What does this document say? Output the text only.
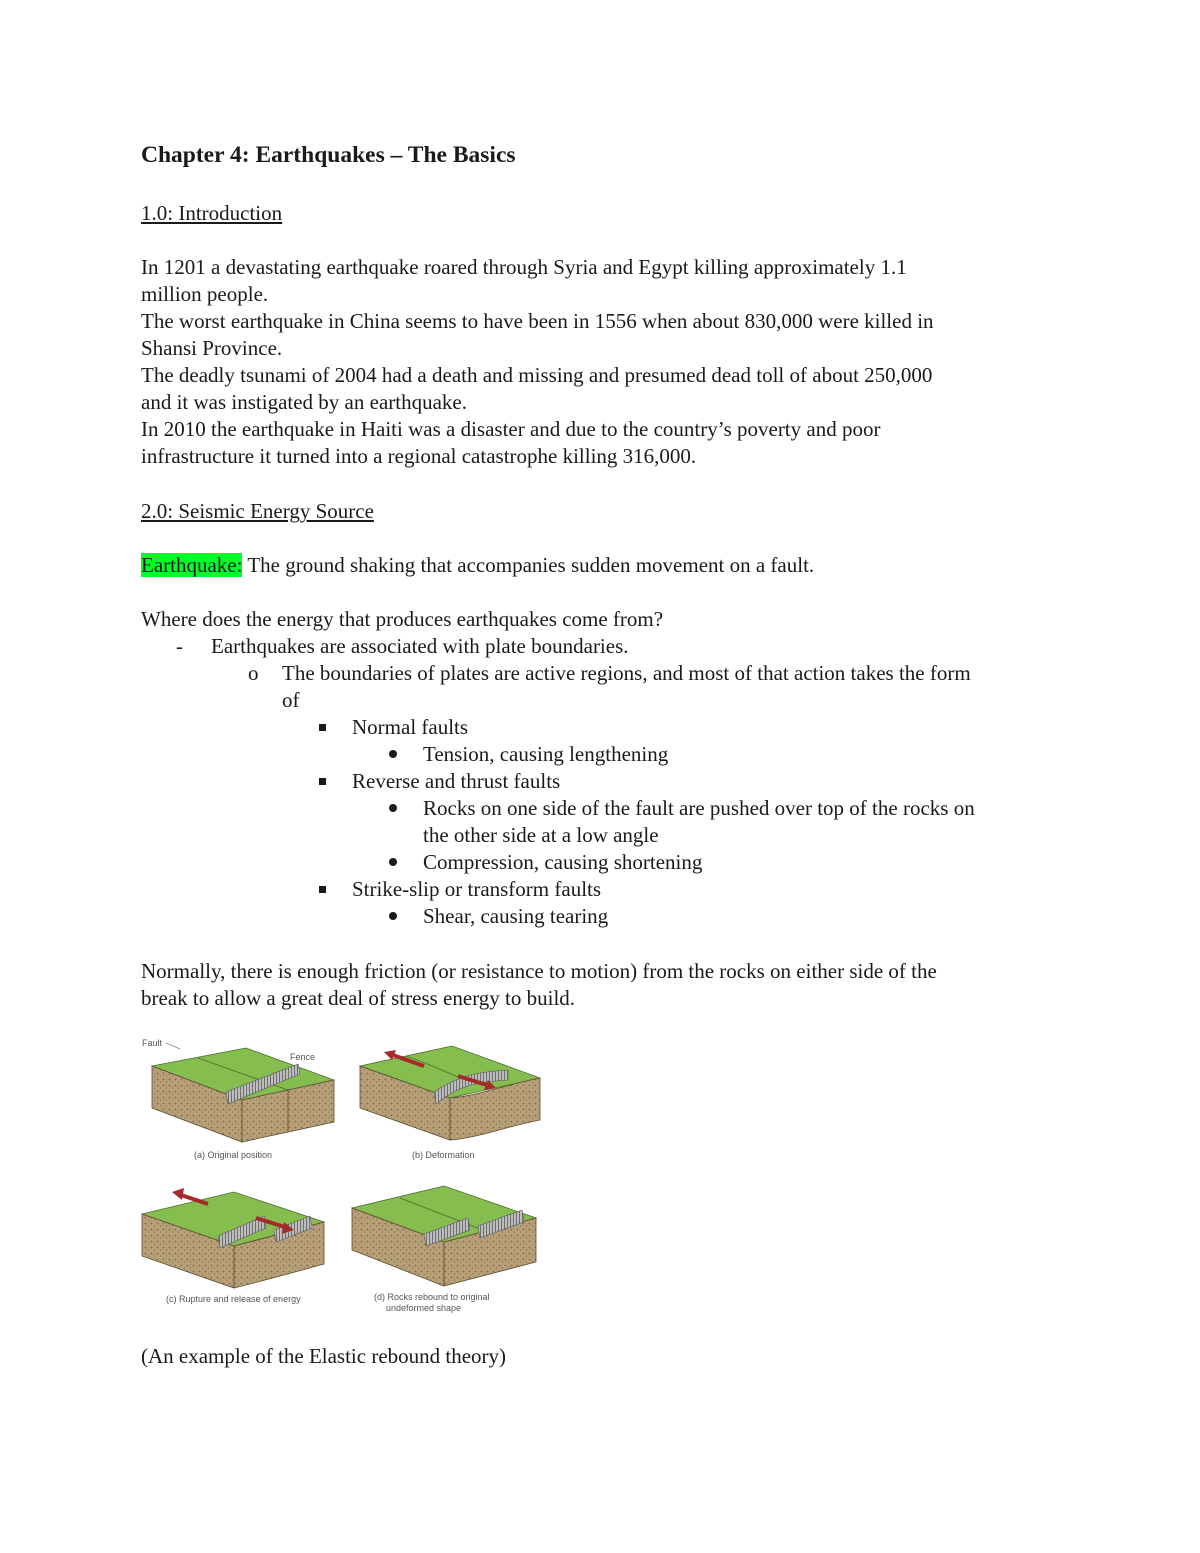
Chapter 4: Earthquakes – The Basics
1.0: Introduction
In 1201 a devastating earthquake roared through Syria and Egypt killing approximately 1.1
million people.
The worst earthquake in China seems to have been in 1556 when about 830,000 were killed in
Shansi Province.
The deadly tsunami of 2004 had a death and missing and presumed dead toll of about 250,000
and it was instigated by an earthquake.
In 2010 the earthquake in Haiti was a disaster and due to the country’s poverty and poor
infrastructure it turned into a regional catastrophe killing 316,000.
2.0: Seismic Energy Source
Earthquake: The ground shaking that accompanies sudden movement on a fault.
Where does the energy that produces earthquakes come from?
- Earthquakes are associated with plate boundaries.
o The boundaries of plates are active regions, and most of that action takes the form
of
Normal faults
Tension, causing lengthening
Reverse and thrust faults
Rocks on one side of the fault are pushed over top of the rocks on
the other side at a low angle
Compression, causing shortening
Strike-slip or transform faults
Shear, causing tearing
Normally, there is enough friction (or resistance to motion) from the rocks on either side of the
break to allow a great deal of stress energy to build.
Fault
Fence
(a) Original position	(b) Deformation
(c) Rupture and release of energy	(d) Rocks rebound to original
undeformed shape
(An example of the Elastic rebound theory)
